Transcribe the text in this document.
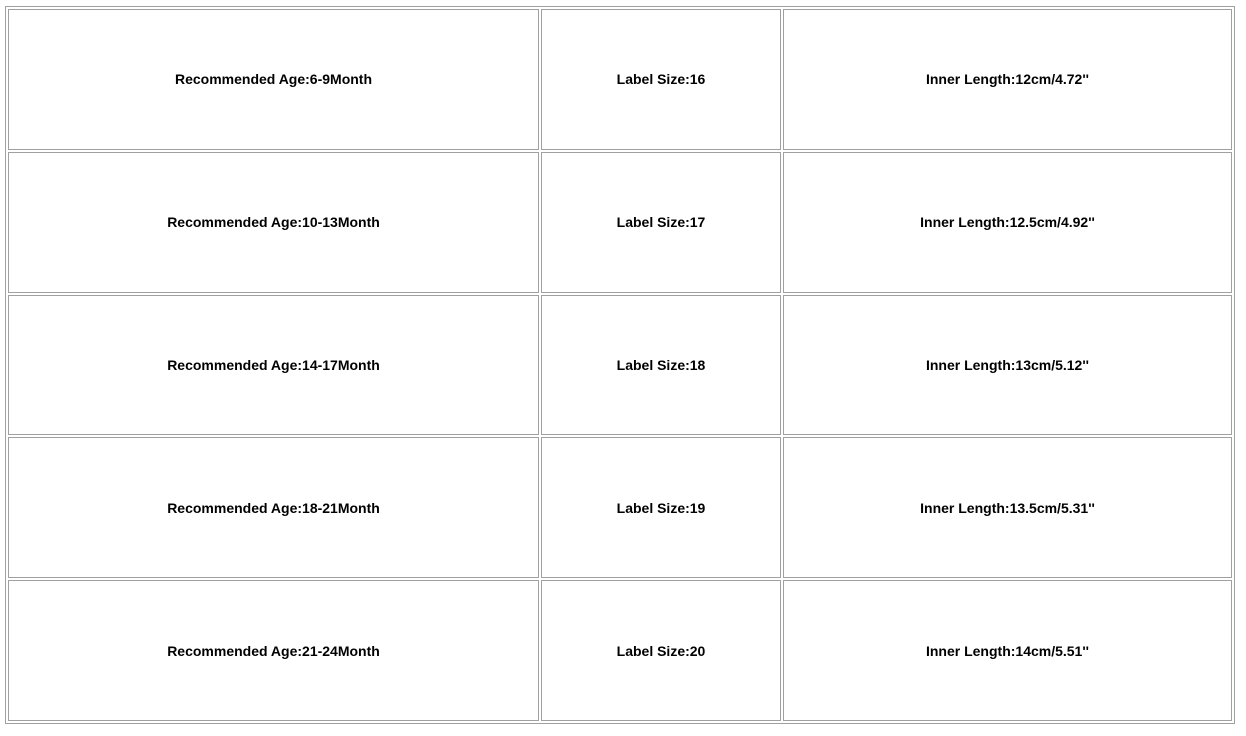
Recommended Age:6-9Month	Label Size:16	Inner Length:12cm/4.72''
Recommended Age:10-13Month	Label Size:17	Inner Length:12.5cm/4.92''
Recommended Age:14-17Month	Label Size:18	Inner Length:13cm/5.12''
Recommended Age:18-21Month	Label Size:19	Inner Length:13.5cm/5.31''
Recommended Age:21-24Month	Label Size:20	Inner Length:14cm/5.51''
